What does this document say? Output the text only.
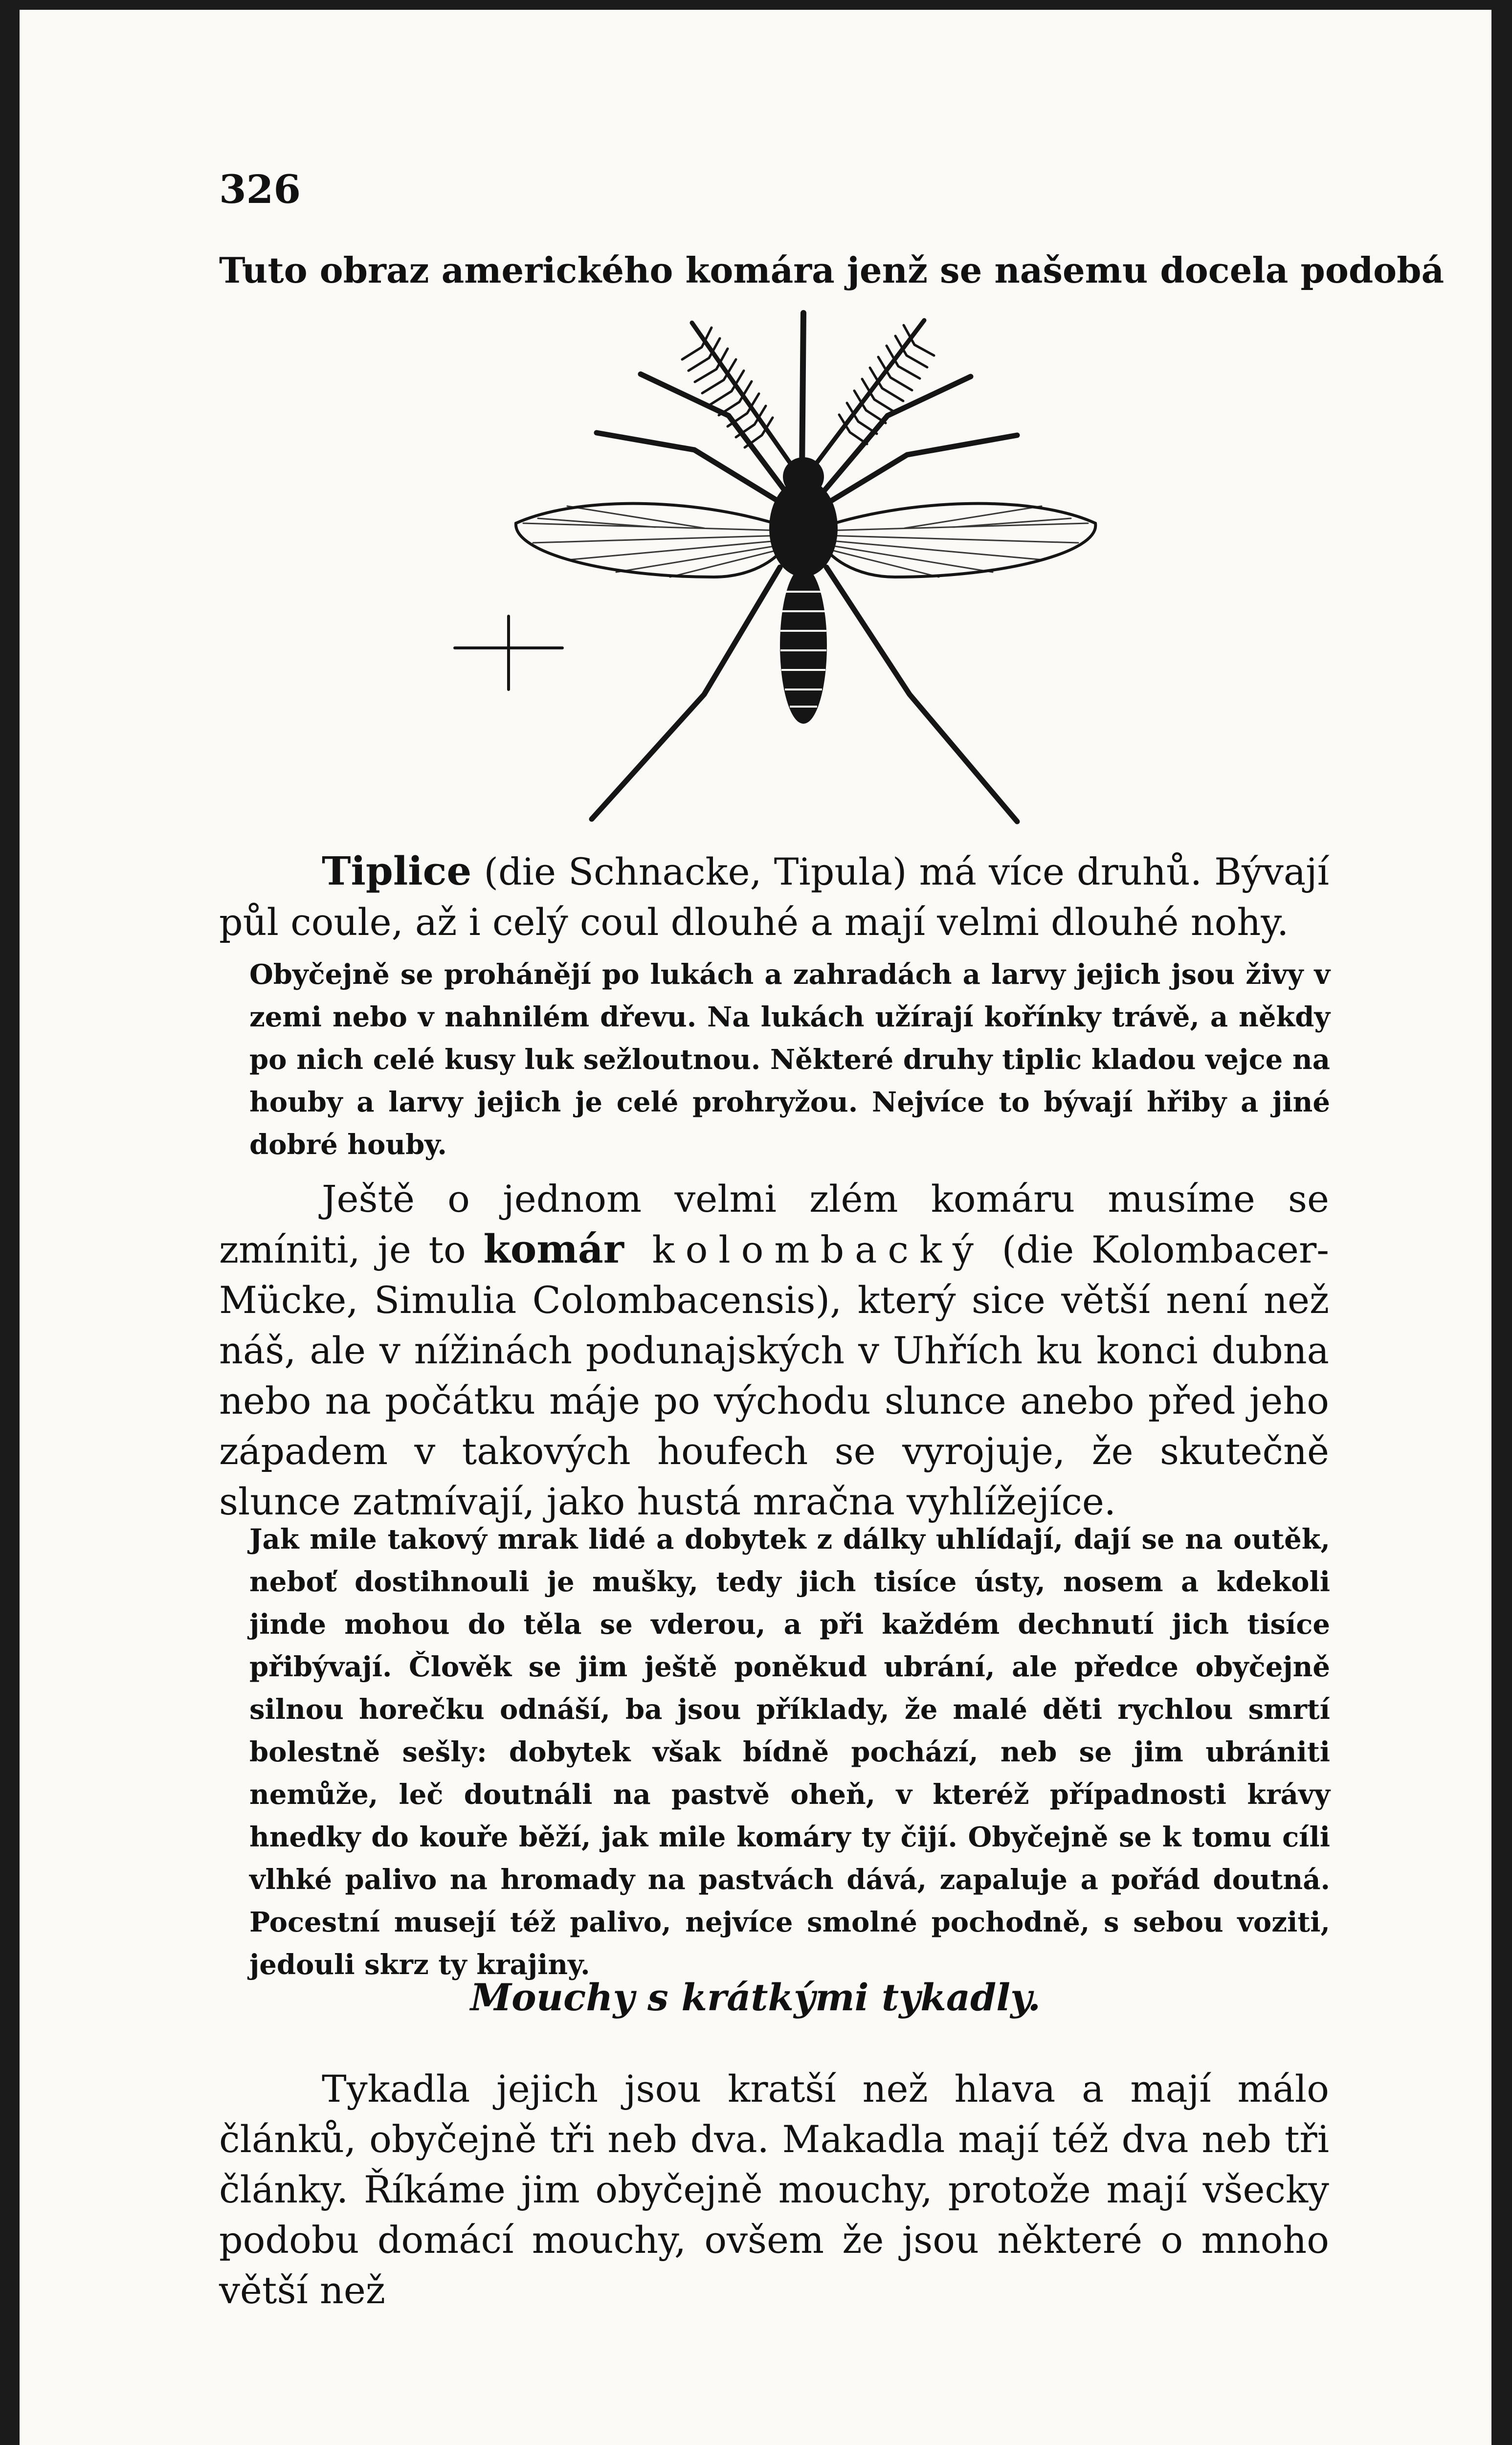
326
Tuto obraz amerického komára jenž se našemu docela podobá

Tiplice (die Schnacke, Tipula) má více druhů. Bývají půl coule, až i celý coul dlouhé a mají velmi dlouhé nohy.

Obyčejně se prohánějí po lukách a zahradách a larvy jejich jsou živy v zemi nebo v nahnilém dřevu. Na lukách užírají kořínky trávě, a někdy po nich celé kusy luk sežloutnou. Některé druhy tiplic kladou vejce na houby a larvy jejich je celé prohryžou. Nejvíce to bývají hřiby a jiné dobré houby.

Ještě o jednom velmi zlém komáru musíme se zmíniti, je to komár kolombacký (die Kolombacer-Mücke, Simulia Colombacensis), který sice větší není než náš, ale v nížinách podunajských v Uhřích ku konci dubna nebo na počátku máje po východu slunce anebo před jeho západem v takových houfech se vyrojuje, že skutečně slunce zatmívají, jako hustá mračna vyhlížejíce.

Jak mile takový mrak lidé a dobytek z dálky uhlídají, dají se na outěk, neboť dostihnouli je mušky, tedy jich tisíce ústy, nosem a kdekoli jinde mohou do těla se vderou, a při každém dechnutí jich tisíce přibývají. Člověk se jim ještě poněkud ubrání, ale předce obyčejně silnou horečku odnáší, ba jsou příklady, že malé děti rychlou smrtí bolestně sešly: dobytek však bídně pochází, neb se jim ubrániti nemůže, leč doutnáli na pastvě oheň, v kteréž případnosti krávy hnedky do kouře běží, jak mile komáry ty čijí. Obyčejně se k tomu cíli vlhké palivo na hromady na pastvách dává, zapaluje a pořád doutná. Pocestní musejí též palivo, nejvíce smolné pochodně, s sebou voziti, jedouli skrz ty krajiny.

Mouchy s krátkými tykadly.

Tykadla jejich jsou kratší než hlava a mají málo článků, obyčejně tři neb dva. Makadla mají též dva neb tři články. Říkáme jim obyčejně mouchy, protože mají všecky podobu domácí mouchy, ovšem že jsou některé o mnoho větší než
